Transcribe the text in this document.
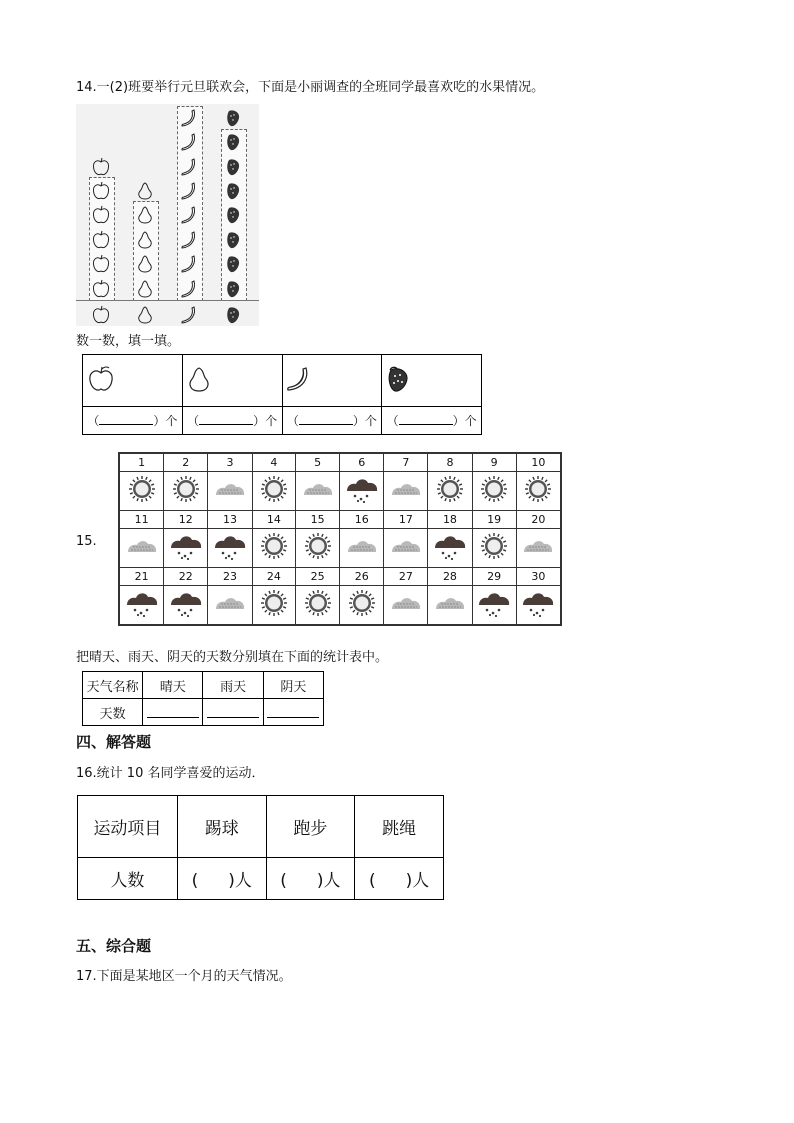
14.一(2)班要举行元旦联欢会，下面是小丽调查的全班同学最喜欢吃的水果情况。
数一数，填一填。

（ ）个	（ ）个	（ ）个	（ ）个
15.
1	2	3	4	5	6	7	8	9	10

11	12	13	14	15	16	17	18	19	20

21	22	23	24	25	26	27	28	29	30

把晴天、雨天、阴天的天数分别填在下面的统计表中。
天气名称	晴天	雨天	阴天
天数			
四、解答题
16.统计 10 名同学喜爱的运动．
运动项目	踢球	跑步	跳绳
人数	( )人	( )人	( )人
五、综合题
17.下面是某地区一个月的天气情况。
